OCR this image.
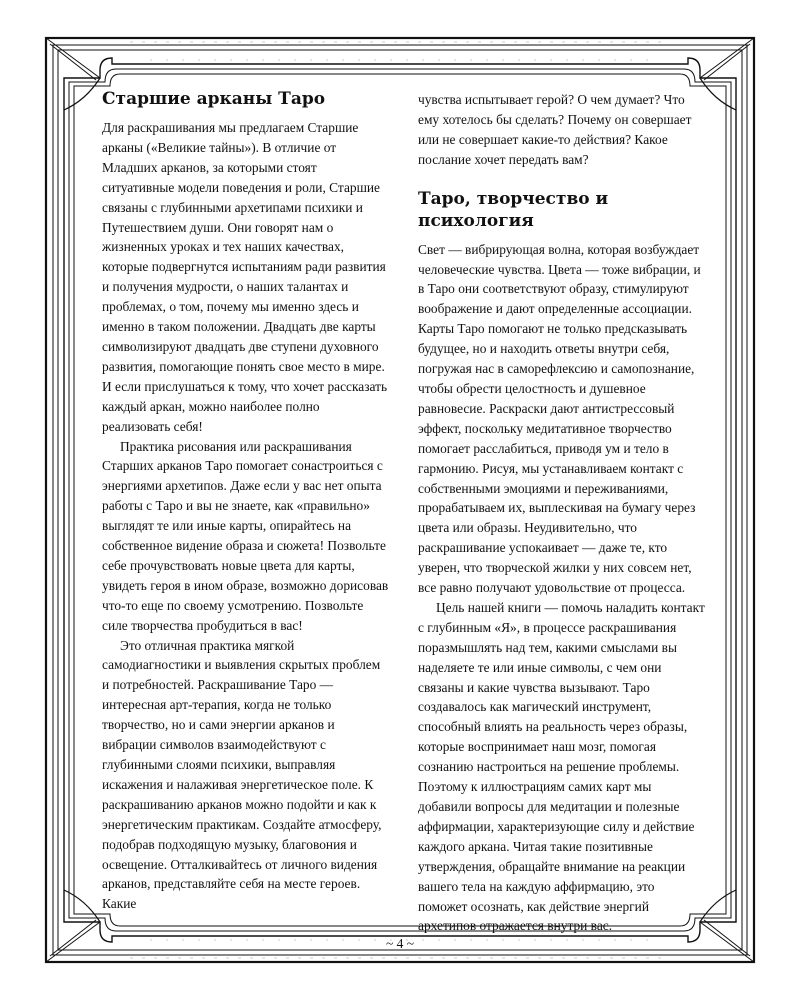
Старшие арканы Таро

Для раскрашивания мы предлагаем Старшие арканы («Великие тайны»). В отличие от Младших арканов, за которыми стоят ситуативные модели поведения и роли, Старшие связаны с глубинными архетипами психики и Путешествием души. Они говорят нам о жизненных уроках и тех наших качествах, которые подвергнутся испытаниям ради развития и получения мудрости, о наших талантах и проблемах, о том, почему мы именно здесь и именно в таком положении. Двадцать две карты символизируют двадцать две ступени духовного развития, помогающие понять свое место в мире. И если прислушаться к тому, что хочет рассказать каждый аркан, можно наиболее полно реализовать себя!

Практика рисования или раскрашивания Старших арканов Таро помогает сонастроиться с энергиями архетипов. Даже если у вас нет опыта работы с Таро и вы не знаете, как «правильно» выглядят те или иные карты, опирайтесь на собственное видение образа и сюжета! Позвольте себе прочувствовать новые цвета для карты, увидеть героя в ином образе, возможно дорисовав что-то еще по своему усмотрению. Позвольте силе творчества пробудиться в вас!

Это отличная практика мягкой самодиагностики и выявления скрытых проблем и потребностей. Раскрашивание Таро — интересная арт-терапия, когда не только творчество, но и сами энергии арканов и вибрации символов взаимодействуют с глубинными слоями психики, выправляя искажения и налаживая энергетическое поле. К раскрашиванию арканов можно подойти и как к энергетическим практикам. Создайте атмосферу, подобрав подходящую музыку, благовония и освещение. Отталкивайтесь от личного видения арканов, представляйте себя на месте героев. Какие

чувства испытывает герой? О чем думает? Что ему хотелось бы сделать? Почему он совершает или не совершает какие-то действия? Какое послание хочет передать вам?

Таро, творчество и психология

Свет — вибрирующая волна, которая возбуждает человеческие чувства. Цвета — тоже вибрации, и в Таро они соответствуют образу, стимулируют воображение и дают определенные ассоциации. Карты Таро помогают не только предсказывать будущее, но и находить ответы внутри себя, погружая нас в саморефлексию и самопознание, чтобы обрести целостность и душевное равновесие. Раскраски дают антистрессовый эффект, поскольку медитативное творчество помогает расслабиться, приводя ум и тело в гармонию. Рисуя, мы устанавливаем контакт с собственными эмоциями и переживаниями, прорабатываем их, выплескивая на бумагу через цвета или образы. Неудивительно, что раскрашивание успокаивает — даже те, кто уверен, что творческой жилки у них совсем нет, все равно получают удовольствие от процесса.

Цель нашей книги — помочь наладить контакт с глубинным «Я», в процессе раскрашивания поразмышлять над тем, какими смыслами вы наделяете те или иные символы, с чем они связаны и какие чувства вызывают. Таро создавалось как магический инструмент, способный влиять на реальность через образы, которые воспринимает наш мозг, помогая сознанию настроиться на решение проблемы. Поэтому к иллюстрациям самих карт мы добавили вопросы для медитации и полезные аффирмации, характеризующие силу и действие каждого аркана. Читая такие позитивные утверждения, обращайте внимание на реакции вашего тела на каждую аффирмацию, это поможет осознать, как действие энергий архетипов отражается внутри вас.

~ 4 ~
